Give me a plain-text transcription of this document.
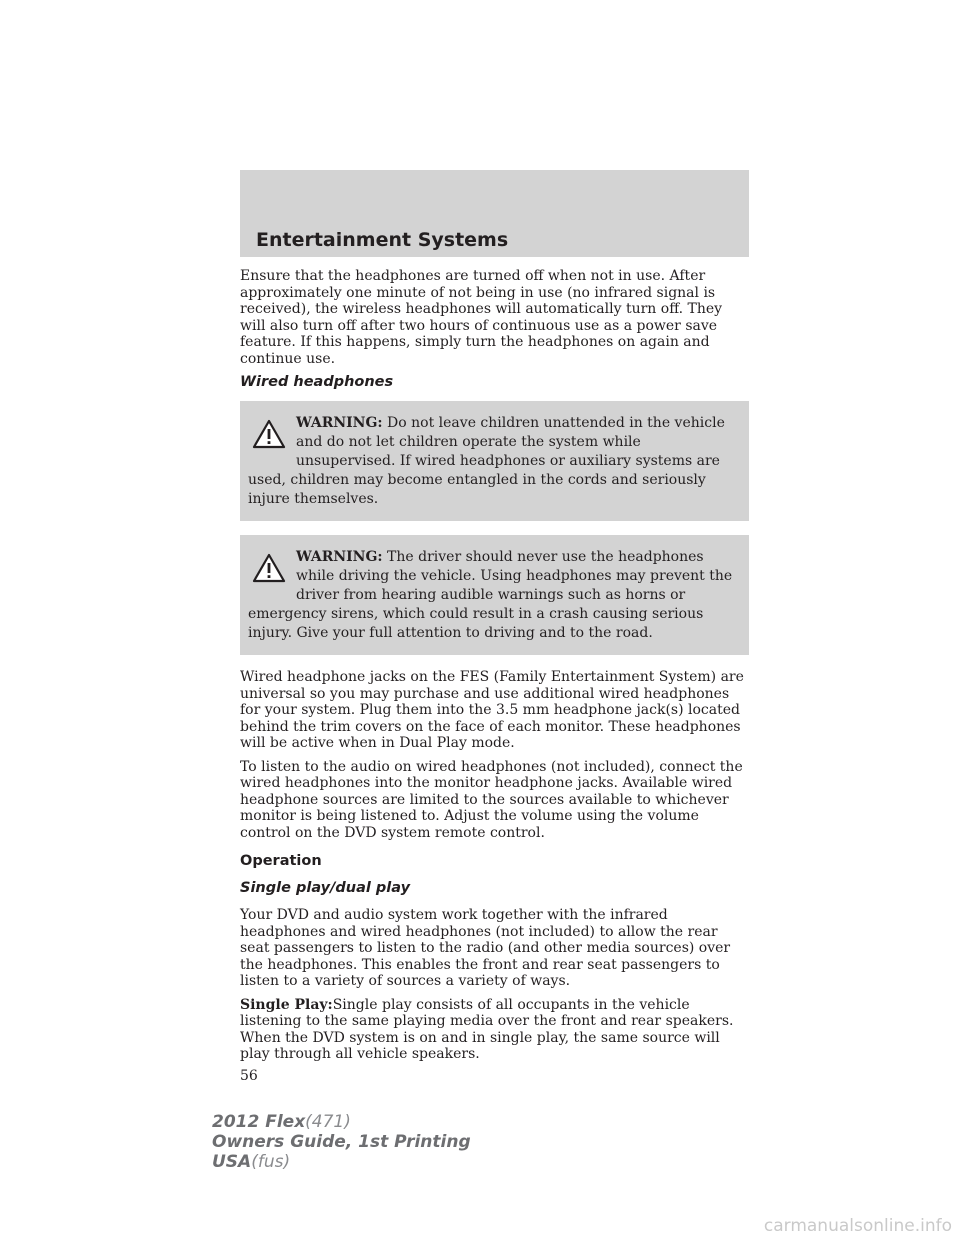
Entertainment Systems

Ensure that the headphones are turned off when not in use. After approximately one minute of not being in use (no infrared signal is received), the wireless headphones will automatically turn off. They will also turn off after two hours of continuous use as a power save feature. If this happens, simply turn the headphones on again and continue use.

Wired headphones
WARNING: Do not leave children unattended in the vehicle and do not let children operate the system while unsupervised. If wired headphones or auxiliary systems are used, children may become entangled in the cords and seriously injure themselves.
WARNING: The driver should never use the headphones while driving the vehicle. Using headphones may prevent the driver from hearing audible warnings such as horns or emergency sirens, which could result in a crash causing serious injury. Give your full attention to driving and to the road.

Wired headphone jacks on the FES (Family Entertainment System) are universal so you may purchase and use additional wired headphones for your system. Plug them into the 3.5 mm headphone jack(s) located behind the trim covers on the face of each monitor. These headphones will be active when in Dual Play mode.

To listen to the audio on wired headphones (not included), connect the wired headphones into the monitor headphone jacks. Available wired headphone sources are limited to the sources available to whichever monitor is being listened to. Adjust the volume using the volume control on the DVD system remote control.

Operation
Single play/dual play

Your DVD and audio system work together with the infrared headphones and wired headphones (not included) to allow the rear seat passengers to listen to the radio (and other media sources) over the headphones. This enables the front and rear seat passengers to listen to a variety of sources a variety of ways.

Single Play:Single play consists of all occupants in the vehicle listening to the same playing media over the front and rear speakers. When the DVD system is on and in single play, the same source will play through all vehicle speakers.

56
2012 Flex(471)
Owners Guide, 1st Printing
USA(fus)
carmanualsonline.info
